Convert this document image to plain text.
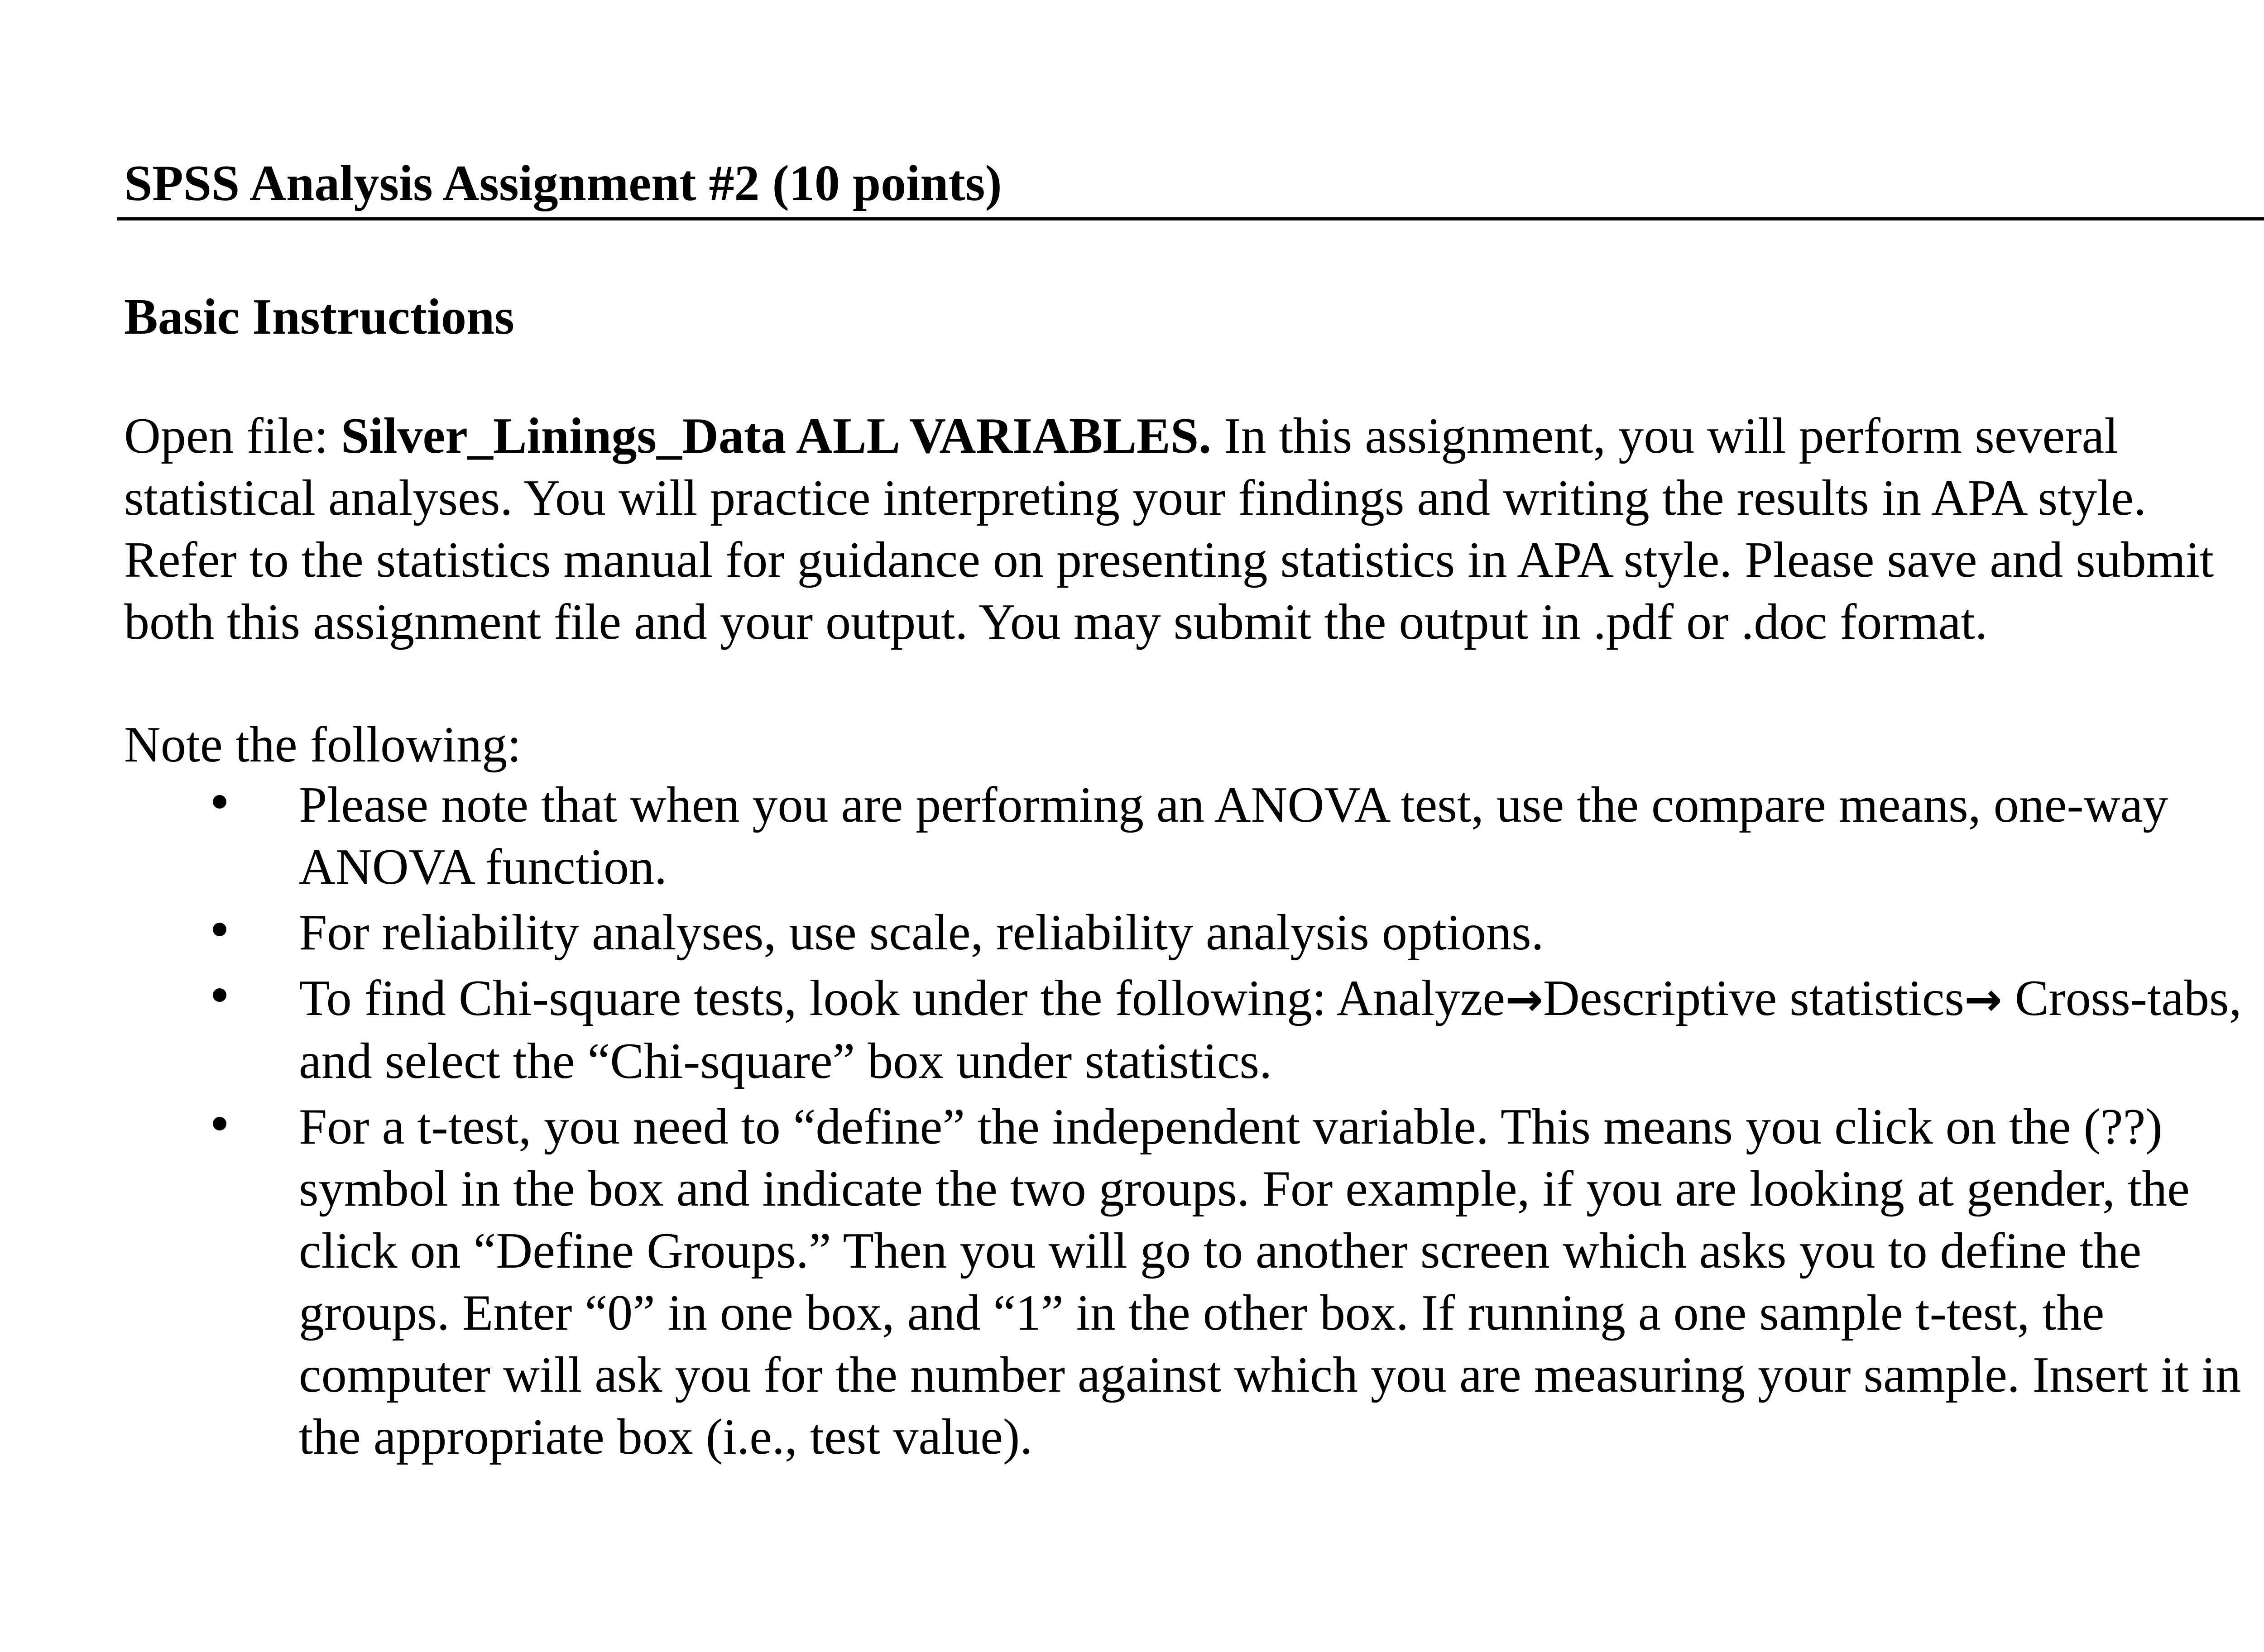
SPSS Analysis Assignment #2 (10 points)
Basic Instructions
Open file: Silver_Linings_Data ALL VARIABLES. In this assignment, you will perform several
statistical analyses. You will practice interpreting your findings and writing the results in APA style.
Refer to the statistics manual for guidance on presenting statistics in APA style. Please save and submit
both this assignment file and your output. You may submit the output in .pdf or .doc format.
Note the following:
Please note that when you are performing an ANOVA test, use the compare means, one-way
ANOVA function.
For reliability analyses, use scale, reliability analysis options.
To find Chi-square tests, look under the following: Analyze→Descriptive statistics→ Cross-tabs,
and select the “Chi-square” box under statistics.
For a t-test, you need to “define” the independent variable. This means you click on the (??)
symbol in the box and indicate the two groups. For example, if you are looking at gender, the
click on “Define Groups.” Then you will go to another screen which asks you to define the
groups. Enter “0” in one box, and “1” in the other box. If running a one sample t-test, the
computer will ask you for the number against which you are measuring your sample. Insert it in
the appropriate box (i.e., test value).
